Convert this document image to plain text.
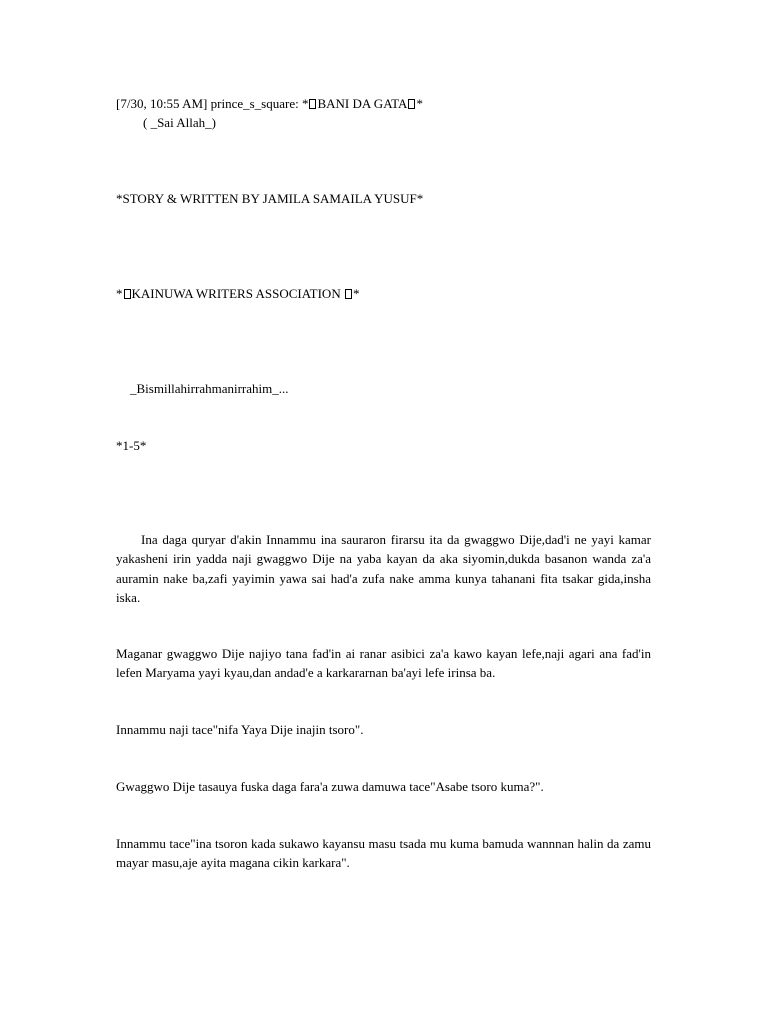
[7/30, 10:55 AM] prince_s_square: * BANI DA GATA *
( _Sai Allah_)
*STORY & WRITTEN BY JAMILA SAMAILA YUSUF*
* KAINUWA WRITERS ASSOCIATION *
_Bismillahirrahmanirrahim_...
*1-5*
Ina daga quryar d'akin Innammu ina sauraron firarsu ita da gwaggwo Dije,dad'i ne yayi kamar yakasheni irin yadda naji gwaggwo Dije na yaba kayan da aka siyomin,dukda basanon wanda za'a auramin nake ba,zafi yayimin yawa sai had'a zufa nake amma kunya tahanani fita tsakar gida,insha iska.
Maganar gwaggwo Dije najiyo tana fad'in ai ranar asibici za'a kawo kayan lefe,naji agari ana fad'in lefen Maryama yayi kyau,dan andad'e a karkararnan ba'ayi lefe irinsa ba.
Innammu naji tace"nifa Yaya Dije inajin tsoro".
Gwaggwo Dije tasauya fuska daga fara'a zuwa damuwa tace"Asabe tsoro kuma?".
Innammu tace"ina tsoron kada sukawo kayansu masu tsada mu kuma bamuda wannnan halin da zamu mayar masu,aje ayita magana cikin karkara".
